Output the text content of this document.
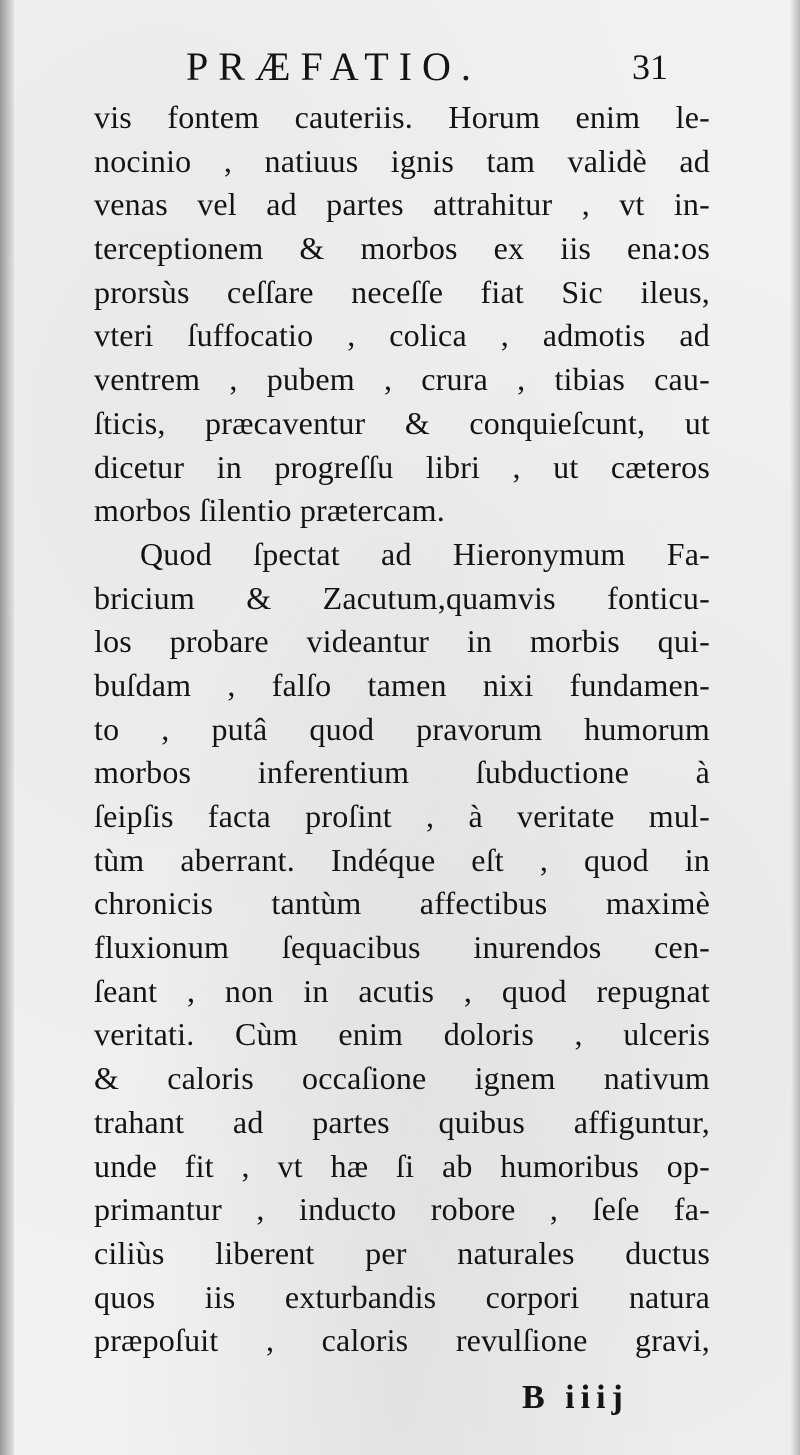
PRÆFATIO.	31
vis fontem cauteriis. Horum enim le-
nocinio , natiuus ignis tam validè ad
venas vel ad partes attrahitur , vt in-
terceptionem & morbos ex iis ena:os
prorsùs ceſſare neceſſe fiat Sic ileus,
vteri ſuffocatio , colica , admotis ad
ventrem , pubem , crura , tibias cau-
ſticis, præcaventur & conquieſcunt, ut
dicetur in progreſſu libri , ut cæteros
morbos ſilentio prætercam.
Quod ſpectat ad Hieronymum Fa-
bricium & Zacutum,quamvis fonticu-
los probare videantur in morbis qui-
buſdam , falſo tamen nixi fundamen-
to , putâ quod pravorum humorum
morbos inferentium ſubductione à
ſeipſis facta proſint , à veritate mul-
tùm aberrant. Indéque eſt , quod in
chronicis tantùm affectibus maximè
fluxionum ſequacibus inurendos cen-
ſeant , non in acutis , quod repugnat
veritati. Cùm enim doloris , ulceris
& caloris occaſione ignem nativum
trahant ad partes quibus affiguntur,
unde fit , vt hæ ſi ab humoribus op-
primantur , inducto robore , ſeſe fa-
ciliùs liberent per naturales ductus
quos iis exturbandis corpori natura
præpoſuit , caloris revulſione gravi,
B iiij
